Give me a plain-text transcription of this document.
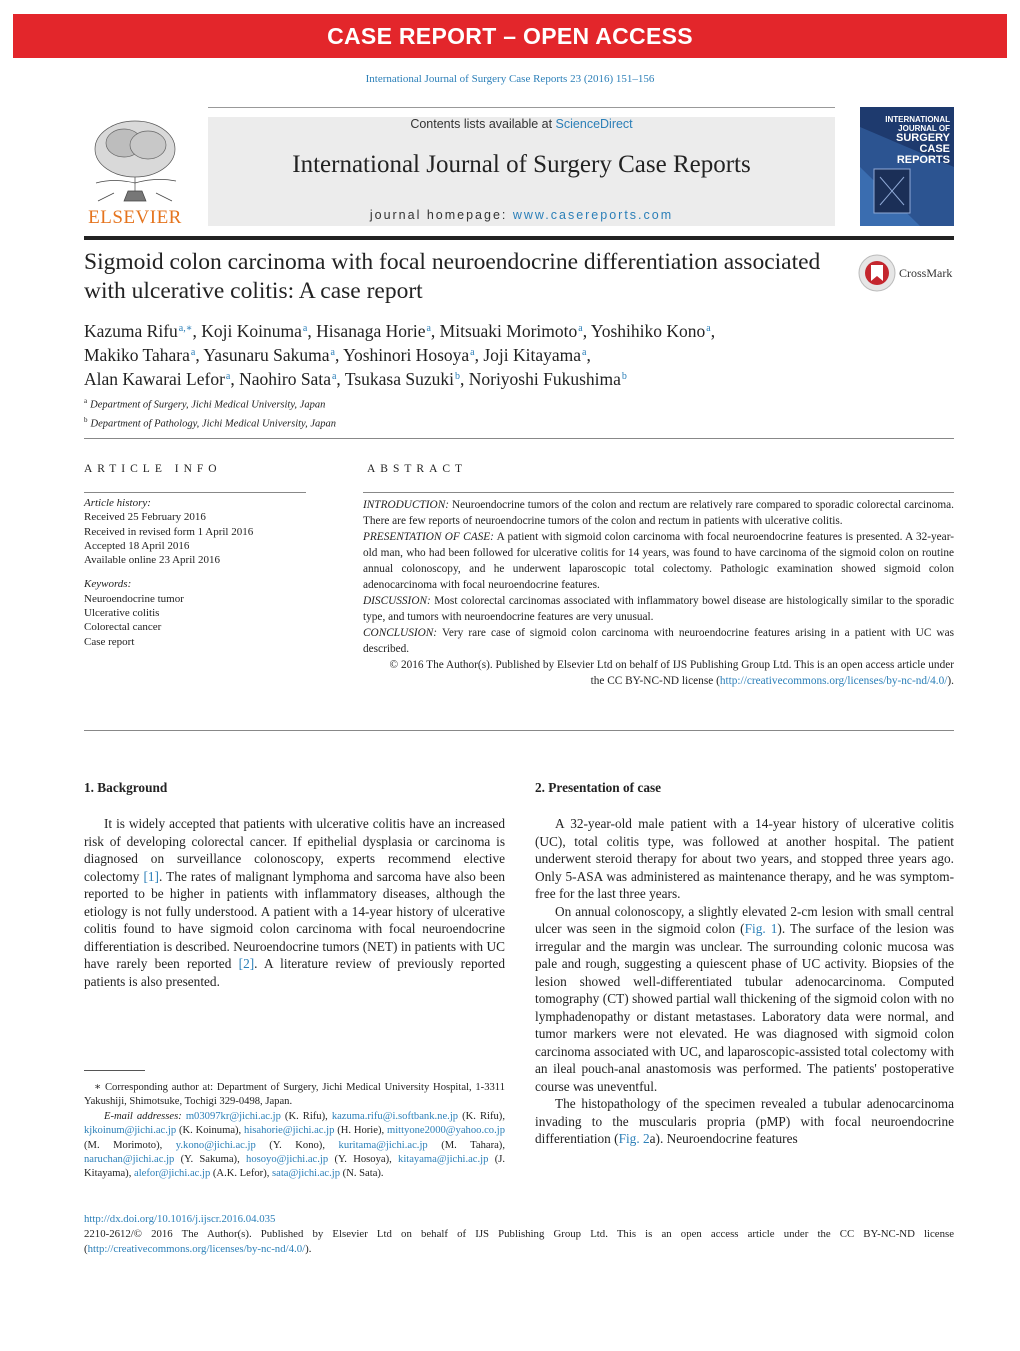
CASE REPORT – OPEN ACCESS
International Journal of Surgery Case Reports 23 (2016) 151–156
ELSEVIER
Contents lists available at ScienceDirect
International Journal of Surgery Case Reports
journal homepage: www.casereports.com
INTERNATIONAL
JOURNAL OF
SURGERY
CASE
REPORTS
Sigmoid colon carcinoma with focal neuroendocrine differentiation associated with ulcerative colitis: A case report
CrossMark
Kazuma Rifu$^{a,∗}$, Koji Koinuma$^a$, Hisanaga Horie$^a$, Mitsuaki Morimoto$^a$, Yoshihiko Kono$^a$,
Makiko Tahara$^a$, Yasunaru Sakuma$^a$, Yoshinori Hosoya$^a$, Joji Kitayama$^a$,
Alan Kawarai Lefor$^a$, Naohiro Sata$^a$, Tsukasa Suzuki$^b$, Noriyoshi Fukushima$^b$
$^a$ Department of Surgery, Jichi Medical University, Japan
$^b$ Department of Pathology, Jichi Medical University, Japan
ARTICLE INFO	ABSTRACT
Article history:
Received 25 February 2016
Received in revised form 1 April 2016
Accepted 18 April 2016
Available online 23 April 2016
Keywords:
Neuroendocrine tumor
Ulcerative colitis
Colorectal cancer
Case report

INTRODUCTION: Neuroendocrine tumors of the colon and rectum are relatively rare compared to sporadic colorectal carcinoma. There are few reports of neuroendocrine tumors of the colon and rectum in patients with ulcerative colitis.

PRESENTATION OF CASE: A patient with sigmoid colon carcinoma with focal neuroendocrine features is presented. A 32-year-old man, who had been followed for ulcerative colitis for 14 years, was found to have carcinoma of the sigmoid colon on routine annual colonoscopy, and he underwent laparoscopic total colectomy. Pathologic examination showed sigmoid colon adenocarcinoma with focal neuroendocrine features.

DISCUSSION: Most colorectal carcinomas associated with inflammatory bowel disease are histologically similar to the sporadic type, and tumors with neuroendocrine features are very unusual.

CONCLUSION: Very rare case of sigmoid colon carcinoma with neuroendocrine features arising in a patient with UC was described.

© 2016 The Author(s). Published by Elsevier Ltd on behalf of IJS Publishing Group Ltd. This is an open access article under the CC BY-NC-ND license (http://creativecommons.org/licenses/by-nc-nd/4.0/).

1. Background

It is widely accepted that patients with ulcerative colitis have an increased risk of developing colorectal cancer. If epithelial dysplasia or carcinoma is diagnosed on surveillance colonoscopy, experts recommend elective colectomy [1]. The rates of malignant lymphoma and sarcoma have also been reported to be higher in patients with inflammatory diseases, although the etiology is not fully understood. A patient with a 14-year history of ulcerative colitis found to have sigmoid colon carcinoma with focal neuroendocrine differentiation is described. Neuroendocrine tumors (NET) in patients with UC have rarely been reported [2]. A literature review of previously reported patients is also presented.

∗ Corresponding author at: Department of Surgery, Jichi Medical University Hospital, 1-3311 Yakushiji, Shimotsuke, Tochigi 329-0498, Japan.

E-mail addresses: m03097kr@jichi.ac.jp (K. Rifu), kazuma.rifu@i.softbank.ne.jp (K. Rifu), kjkoinum@jichi.ac.jp (K. Koinuma), hisahorie@jichi.ac.jp (H. Horie), mittyone2000@yahoo.co.jp (M. Morimoto), y.kono@jichi.ac.jp (Y. Kono), kuritama@jichi.ac.jp (M. Tahara), naruchan@jichi.ac.jp (Y. Sakuma), hosoyo@jichi.ac.jp (Y. Hosoya), kitayama@jichi.ac.jp (J. Kitayama), alefor@jichi.ac.jp (A.K. Lefor), sata@jichi.ac.jp (N. Sata).

2. Presentation of case

A 32-year-old male patient with a 14-year history of ulcerative colitis (UC), total colitis type, was followed at another hospital. The patient underwent steroid therapy for about two years, and stopped three years ago. Only 5-ASA was administered as maintenance therapy, and he was symptom-free for the last three years.

On annual colonoscopy, a slightly elevated 2-cm lesion with small central ulcer was seen in the sigmoid colon (Fig. 1). The surface of the lesion was irregular and the margin was unclear. The surrounding colonic mucosa was pale and rough, suggesting a quiescent phase of UC activity. Biopsies of the lesion showed well-differentiated tubular adenocarcinoma. Computed tomography (CT) showed partial wall thickening of the sigmoid colon with no lymphadenopathy or distant metastases. Laboratory data were normal, and tumor markers were not elevated. He was diagnosed with sigmoid colon carcinoma associated with UC, and laparoscopic-assisted total colectomy with an ileal pouch-anal anastomosis was performed. The patients' postoperative course was uneventful.

The histopathology of the specimen revealed a tubular adenocarcinoma invading to the muscularis propria (pMP) with focal neuroendocrine differentiation (Fig. 2a). Neuroendocrine features

http://dx.doi.org/10.1016/j.ijscr.2016.04.035

2210-2612/© 2016 The Author(s). Published by Elsevier Ltd on behalf of IJS Publishing Group Ltd. This is an open access article under the CC BY-NC-ND license (http://creativecommons.org/licenses/by-nc-nd/4.0/).
